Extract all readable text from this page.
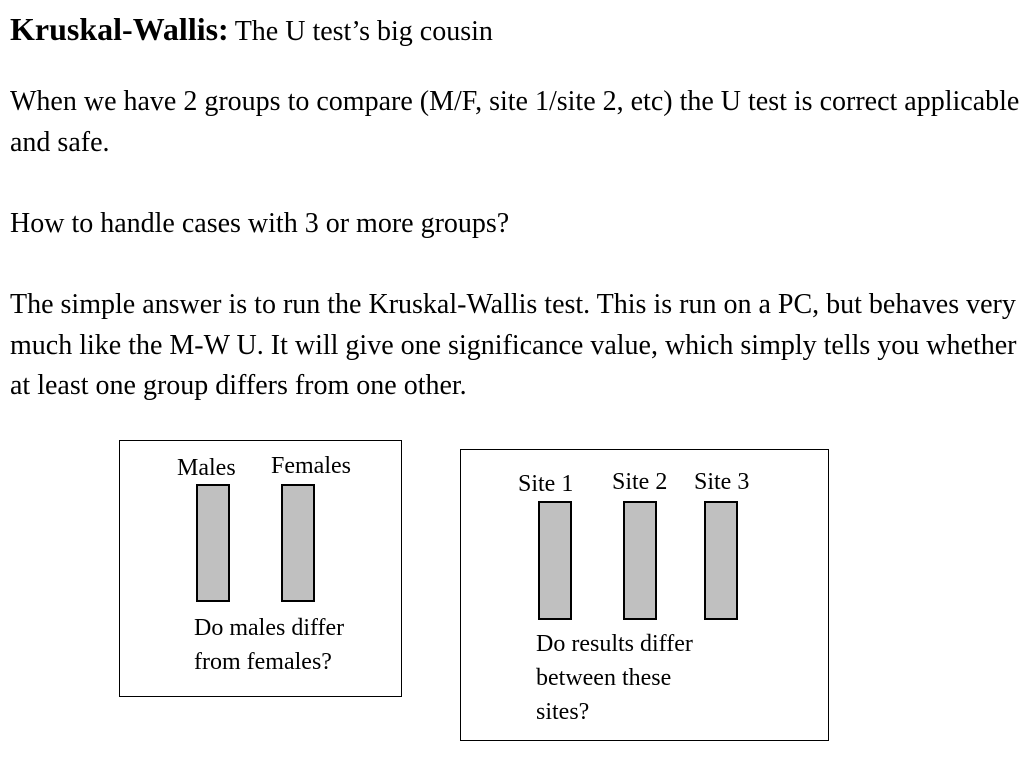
Kruskal-Wallis: The U test’s big cousin

When we have 2 groups to compare (M/F, site 1/site 2, etc) the U test is correct applicable and safe.

How to handle cases with 3 or more groups?

The simple answer is to run the Kruskal-Wallis test. This is run on a PC, but behaves very much like the M-W U. It will give one significance value, which simply tells you whether at least one group differs from one other.

Males Females

Do males differ
from females?

Site 1 Site 2 Site 3

Do results differ
between these
sites?
